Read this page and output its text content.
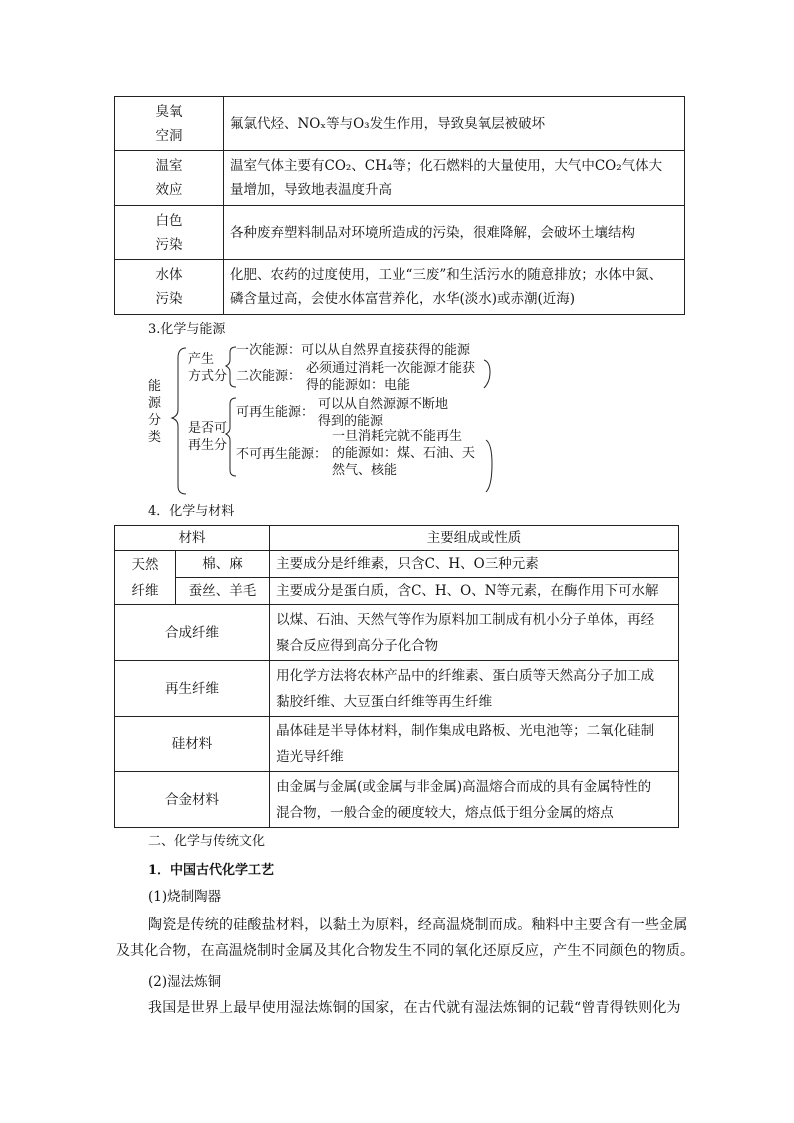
臭氧
空洞	氟氯代烃、NOₓ等与O₃发生作用，导致臭氧层被破坏
温室
效应	温室气体主要有CO₂、CH₄等；化石燃料的大量使用，大气中CO₂气体大
量增加，导致地表温度升高
白色
污染	各种废弃塑料制品对环境所造成的污染，很难降解，会破坏土壤结构
水体
污染	化肥、农药的过度使用，工业“三废”和生活污水的随意排放；水体中氮、
磷含量过高，会使水体富营养化，水华(淡水)或赤潮(近海)

3.化学与能源

能
源
分
类
产生
方式分
一次能源：可以从自然界直接获得的能源
二次能源：
必须通过消耗一次能源才能获
得的能源如：电能
是否可
再生分
可再生能源：
可以从自然源源不断地
得到的能源
不可再生能源：
一旦消耗完就不能再生
的能源如：煤、石油、天
然气、核能

4．化学与材料

材料		主要组成或性质
天然
纤维	棉、麻	主要成分是纤维素，只含C、H、O三种元素
	蚕丝、羊毛	主要成分是蛋白质，含C、H、O、N等元素，在酶作用下可水解
合成纤维		以煤、石油、天然气等作为原料加工制成有机小分子单体，再经
聚合反应得到高分子化合物
再生纤维		用化学方法将农林产品中的纤维素、蛋白质等天然高分子加工成
黏胶纤维、大豆蛋白纤维等再生纤维
硅材料		晶体硅是半导体材料，制作集成电路板、光电池等；二氧化硅制
造光导纤维
合金材料		由金属与金属(或金属与非金属)高温熔合而成的具有金属特性的
混合物，一般合金的硬度较大，熔点低于组分金属的熔点

二、化学与传统文化

1．中国古代化学工艺

(1)烧制陶器

陶瓷是传统的硅酸盐材料，以黏土为原料，经高温烧制而成。釉料中主要含有一些金属

及其化合物，在高温烧制时金属及其化合物发生不同的氧化还原反应，产生不同颜色的物质。

(2)湿法炼铜

我国是世界上最早使用湿法炼铜的国家，在古代就有湿法炼铜的记载“曾青得铁则化为
